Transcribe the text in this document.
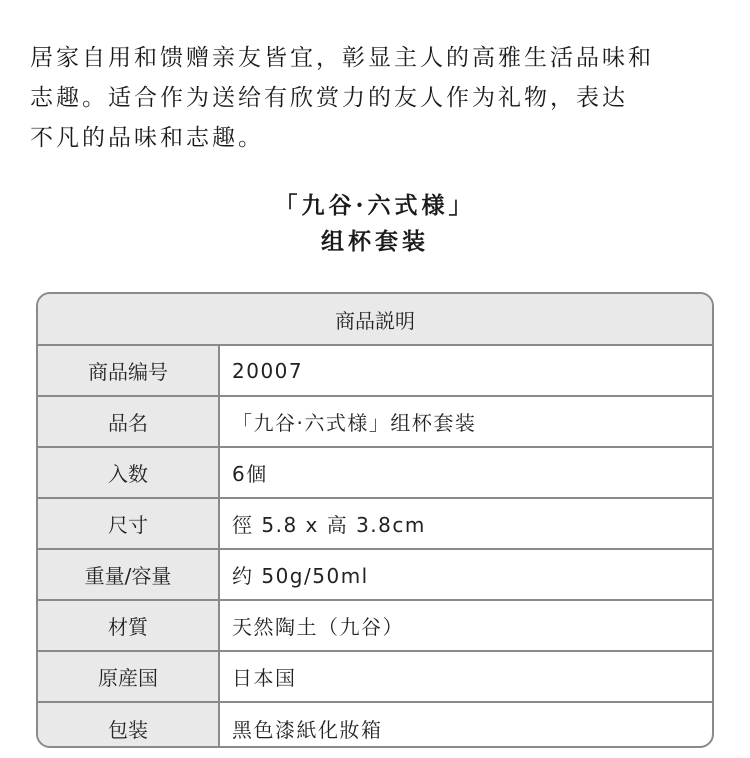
居家自用和馈赠亲友皆宜，彰显主人的高雅生活品味和
志趣。适合作为送给有欣赏力的友人作为礼物，表达
不凡的品味和志趣。

「九谷·六式様」
组杯套装
商品説明
商品编号	20007
品名	「九谷·六式様」组杯套装
入数	6個
尺寸	徑 5.8 x 高 3.8cm
重量/容量	约 50g/50ml
材質	天然陶土（九谷）
原産国	日本国
包装	黑色漆紙化妝箱
